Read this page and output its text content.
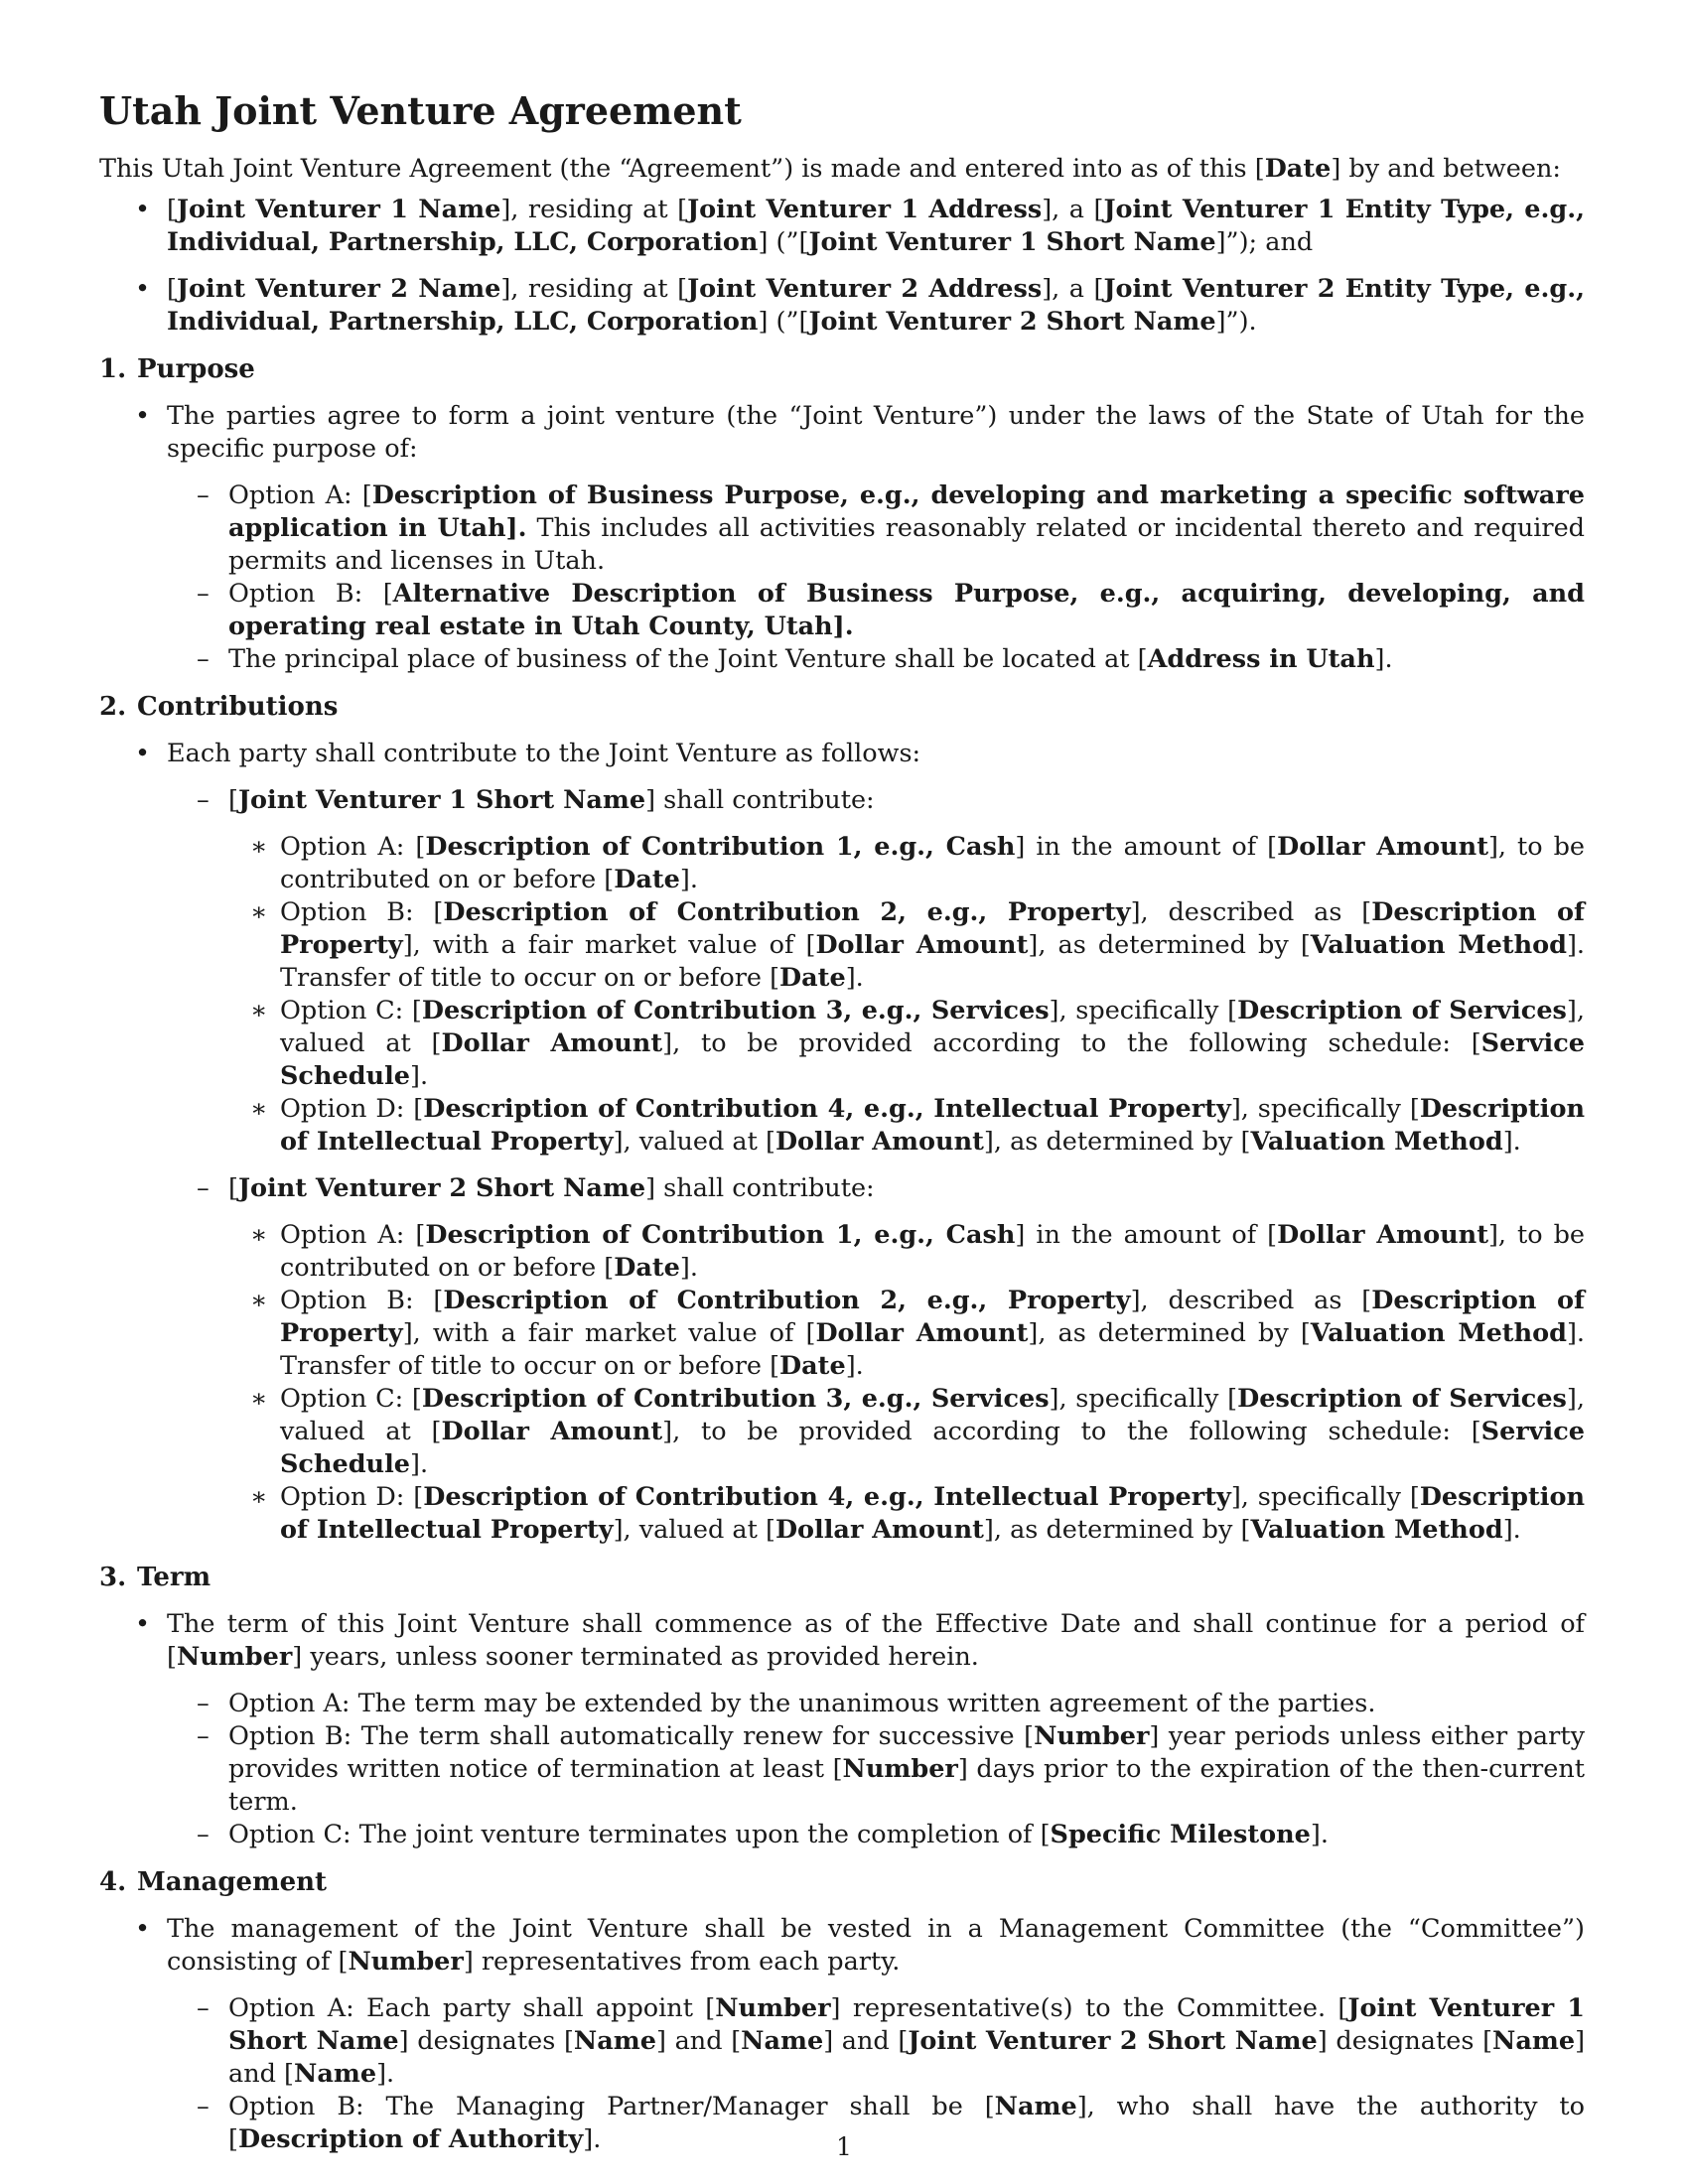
Utah Joint Venture Agreement

This Utah Joint Venture Agreement (the “Agreement”) is made and entered into as of this [Date] by and between:

• [Joint Venturer 1 Name], residing at [Joint Venturer 1 Address], a [Joint Venturer 1 Entity Type, e.g., Individual, Partnership, LLC, Corporation] (”[Joint Venturer 1 Short Name]”); and
• [Joint Venturer 2 Name], residing at [Joint Venturer 2 Address], a [Joint Venturer 2 Entity Type, e.g., Individual, Partnership, LLC, Corporation] (”[Joint Venturer 2 Short Name]”).
1. Purpose
• The parties agree to form a joint venture (the “Joint Venture”) under the laws of the State of Utah for the specific purpose of:
– Option A: [Description of Business Purpose, e.g., developing and marketing a specific software application in Utah]. This includes all activities reasonably related or incidental thereto and required permits and licenses in Utah.
– Option B: [Alternative Description of Business Purpose, e.g., acquiring, developing, and operating real estate in Utah County, Utah].
– The principal place of business of the Joint Venture shall be located at [Address in Utah].
2. Contributions
• Each party shall contribute to the Joint Venture as follows:
– [Joint Venturer 1 Short Name] shall contribute:
∗ Option A: [Description of Contribution 1, e.g., Cash] in the amount of [Dollar Amount], to be contributed on or before [Date].
∗ Option B: [Description of Contribution 2, e.g., Property], described as [Description of Property], with a fair market value of [Dollar Amount], as determined by [Valuation Method]. Transfer of title to occur on or before [Date].
∗ Option C: [Description of Contribution 3, e.g., Services], specifically [Description of Services], valued at [Dollar Amount], to be provided according to the following schedule: [Service Schedule].
∗ Option D: [Description of Contribution 4, e.g., Intellectual Property], specifically [Description of Intellectual Property], valued at [Dollar Amount], as determined by [Valuation Method].
– [Joint Venturer 2 Short Name] shall contribute:
∗ Option A: [Description of Contribution 1, e.g., Cash] in the amount of [Dollar Amount], to be contributed on or before [Date].
∗ Option B: [Description of Contribution 2, e.g., Property], described as [Description of Property], with a fair market value of [Dollar Amount], as determined by [Valuation Method]. Transfer of title to occur on or before [Date].
∗ Option C: [Description of Contribution 3, e.g., Services], specifically [Description of Services], valued at [Dollar Amount], to be provided according to the following schedule: [Service Schedule].
∗ Option D: [Description of Contribution 4, e.g., Intellectual Property], specifically [Description of Intellectual Property], valued at [Dollar Amount], as determined by [Valuation Method].
3. Term
• The term of this Joint Venture shall commence as of the Effective Date and shall continue for a period of [Number] years, unless sooner terminated as provided herein.
– Option A: The term may be extended by the unanimous written agreement of the parties.
– Option B: The term shall automatically renew for successive [Number] year periods unless either party provides written notice of termination at least [Number] days prior to the expiration of the then-current term.
– Option C: The joint venture terminates upon the completion of [Specific Milestone].
4. Management
• The management of the Joint Venture shall be vested in a Management Committee (the “Committee”) consisting of [Number] representatives from each party.
– Option A: Each party shall appoint [Number] representative(s) to the Committee. [Joint Venturer 1 Short Name] designates [Name] and [Name] and [Joint Venturer 2 Short Name] designates [Name] and [Name].
– Option B: The Managing Partner/Manager shall be [Name], who shall have the authority to [Description of Authority].	1
